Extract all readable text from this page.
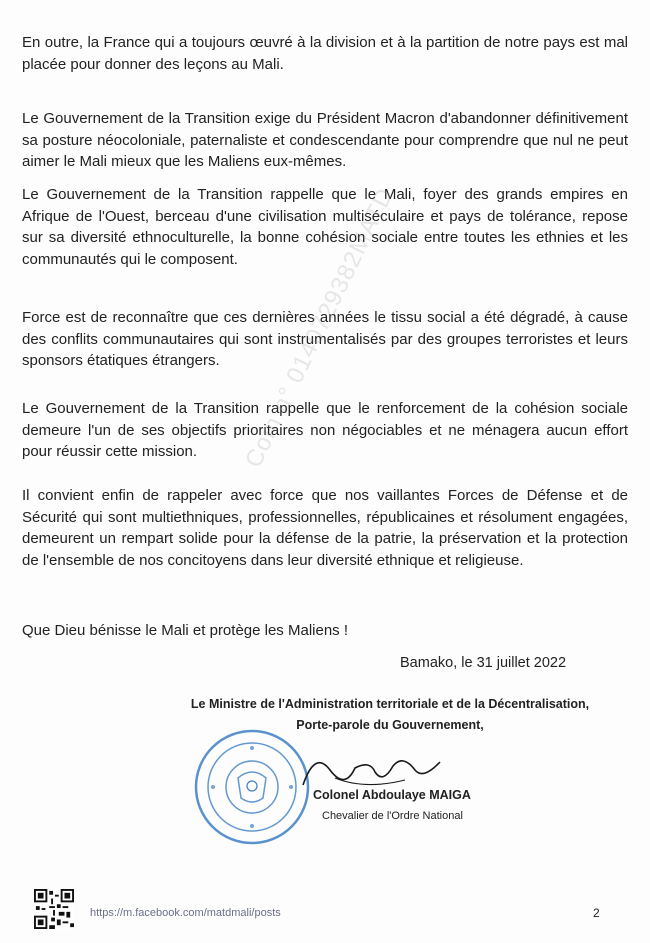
En outre, la France qui a toujours œuvré à la division et à la partition de notre pays est mal placée pour donner des leçons au Mali.

Le Gouvernement de la Transition exige du Président Macron d'abandonner définitivement sa posture néocoloniale, paternaliste et condescendante pour comprendre que nul ne peut aimer le Mali mieux que les Maliens eux-mêmes.

Le Gouvernement de la Transition rappelle que le Mali, foyer des grands empires en Afrique de l'Ouest, berceau d'une civilisation multiséculaire et pays de tolérance, repose sur sa diversité ethnoculturelle, la bonne cohésion sociale entre toutes les ethnies et les communautés qui le composent.

Force est de reconnaître que ces dernières années le tissu social a été dégradé, à cause des conflits communautaires qui sont instrumentalisés par des groupes terroristes et leurs sponsors étatiques étrangers.

Le Gouvernement de la Transition rappelle que le renforcement de la cohésion sociale demeure l'un de ses objectifs prioritaires non négociables et ne ménagera aucun effort pour réussir cette mission.

Il convient enfin de rappeler avec force que nos vaillantes Forces de Défense et de Sécurité qui sont multiethniques, professionnelles, républicaines et résolument engagées, demeurent un rempart solide pour la défense de la patrie, la préservation et la protection de l'ensemble de nos concitoyens dans leur diversité ethnique et religieuse.

Que Dieu bénisse le Mali et protège les Maliens !

Com n° 0140729382MATD
Bamako, le 31 juillet 2022
Le Ministre de l'Administration territoriale et de la Décentralisation,
Porte-parole du Gouvernement,
Colonel Abdoulaye MAIGA
Chevalier de l'Ordre National
https://m.facebook.com/matdmali/posts	2
